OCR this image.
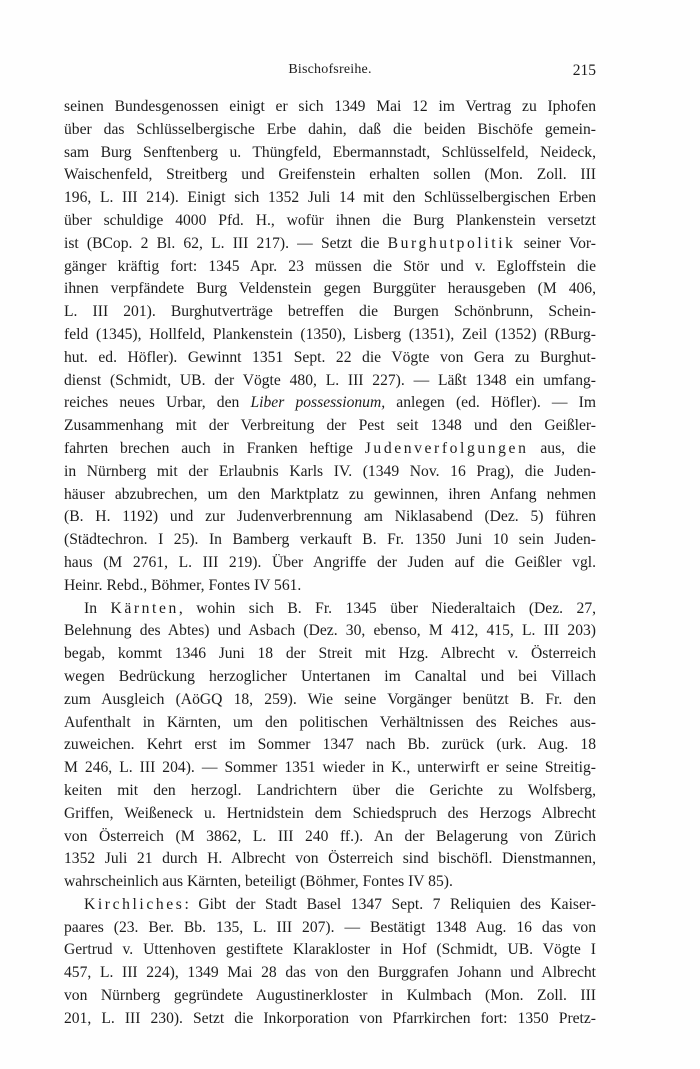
Bischofsreihe.	215
seinen Bundesgenossen einigt er sich 1349 Mai 12 im Vertrag zu Iphofen
über das Schlüsselbergische Erbe dahin, daß die beiden Bischöfe gemein-
sam Burg Senftenberg u. Thüngfeld, Ebermannstadt, Schlüsselfeld, Neideck,
Waischenfeld, Streitberg und Greifenstein erhalten sollen (Mon. Zoll. III
196, L. III 214). Einigt sich 1352 Juli 14 mit den Schlüsselbergischen Erben
über schuldige 4000 Pfd. H., wofür ihnen die Burg Plankenstein versetzt
ist (BCop. 2 Bl. 62, L. III 217). — Setzt die Burghutpolitik seiner Vor-
gänger kräftig fort: 1345 Apr. 23 müssen die Stör und v. Egloffstein die
ihnen verpfändete Burg Veldenstein gegen Burggüter herausgeben (M 406,
L. III 201). Burghutverträge betreffen die Burgen Schönbrunn, Schein-
feld (1345), Hollfeld, Plankenstein (1350), Lisberg (1351), Zeil (1352) (RBurg-
hut. ed. Höfler). Gewinnt 1351 Sept. 22 die Vögte von Gera zu Burghut-
dienst (Schmidt, UB. der Vögte 480, L. III 227). — Läßt 1348 ein umfang-
reiches neues Urbar, den Liber possessionum, anlegen (ed. Höfler). — Im
Zusammenhang mit der Verbreitung der Pest seit 1348 und den Geißler-
fahrten brechen auch in Franken heftige Judenverfolgungen aus, die
in Nürnberg mit der Erlaubnis Karls IV. (1349 Nov. 16 Prag), die Juden-
häuser abzubrechen, um den Marktplatz zu gewinnen, ihren Anfang nehmen
(B. H. 1192) und zur Judenverbrennung am Niklasabend (Dez. 5) führen
(Städtechron. I 25). In Bamberg verkauft B. Fr. 1350 Juni 10 sein Juden-
haus (M 2761, L. III 219). Über Angriffe der Juden auf die Geißler vgl.
Heinr. Rebd., Böhmer, Fontes IV 561.
In Kärnten, wohin sich B. Fr. 1345 über Niederaltaich (Dez. 27,
Belehnung des Abtes) und Asbach (Dez. 30, ebenso, M 412, 415, L. III 203)
begab, kommt 1346 Juni 18 der Streit mit Hzg. Albrecht v. Österreich
wegen Bedrückung herzoglicher Untertanen im Canaltal und bei Villach
zum Ausgleich (AöGQ 18, 259). Wie seine Vorgänger benützt B. Fr. den
Aufenthalt in Kärnten, um den politischen Verhältnissen des Reiches aus-
zuweichen. Kehrt erst im Sommer 1347 nach Bb. zurück (urk. Aug. 18
M 246, L. III 204). — Sommer 1351 wieder in K., unterwirft er seine Streitig-
keiten mit den herzogl. Landrichtern über die Gerichte zu Wolfsberg,
Griffen, Weißeneck u. Hertnidstein dem Schiedspruch des Herzogs Albrecht
von Österreich (M 3862, L. III 240 ff.). An der Belagerung von Zürich
1352 Juli 21 durch H. Albrecht von Österreich sind bischöfl. Dienstmannen,
wahrscheinlich aus Kärnten, beteiligt (Böhmer, Fontes IV 85).
Kirchliches: Gibt der Stadt Basel 1347 Sept. 7 Reliquien des Kaiser-
paares (23. Ber. Bb. 135, L. III 207). — Bestätigt 1348 Aug. 16 das von
Gertrud v. Uttenhoven gestiftete Klarakloster in Hof (Schmidt, UB. Vögte I
457, L. III 224), 1349 Mai 28 das von den Burggrafen Johann und Albrecht
von Nürnberg gegründete Augustinerkloster in Kulmbach (Mon. Zoll. III
201, L. III 230). Setzt die Inkorporation von Pfarrkirchen fort: 1350 Pretz-
